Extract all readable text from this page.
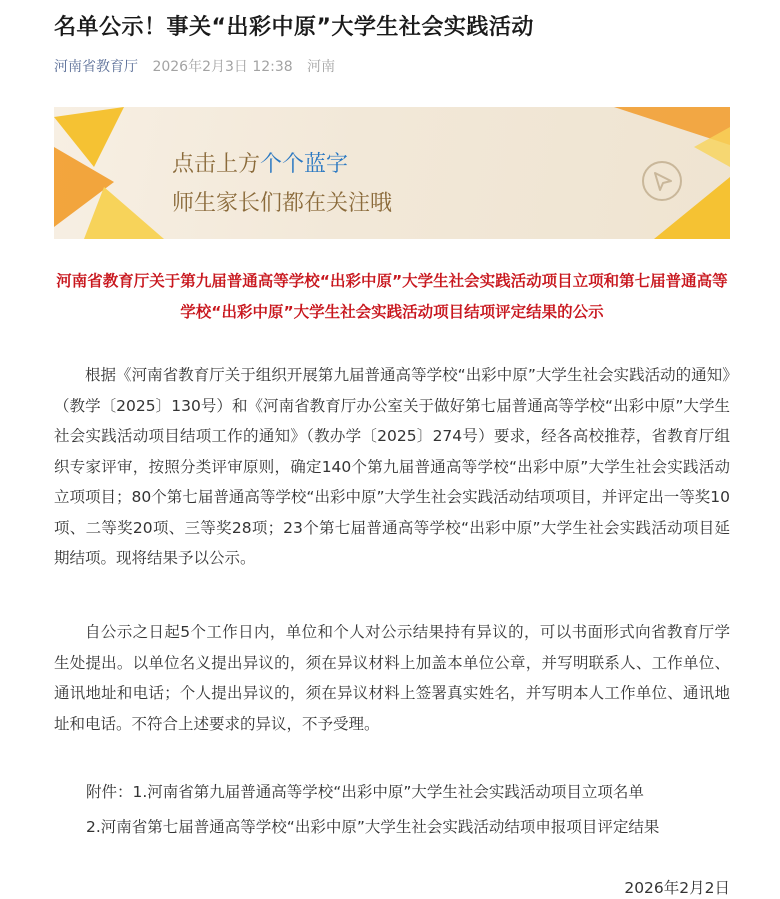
名单公示！事关“出彩中原”大学生社会实践活动
河南省教育厅 2026年2月3日 12:38 河南
点击上方个个蓝字
师生家长们都在关注哦
河南省教育厅关于第九届普通高等学校“出彩中原”大学生社会实践活动项目立项和第七届普通高等学校“出彩中原”大学生社会实践活动项目结项评定结果的公示

根据《河南省教育厅关于组织开展第九届普通高等学校“出彩中原”大学生社会实践活动的通知》（教学〔2025〕130号）和《河南省教育厅办公室关于做好第七届普通高等学校“出彩中原”大学生社会实践活动项目结项工作的通知》（教办学〔2025〕274号）要求，经各高校推荐，省教育厅组织专家评审，按照分类评审原则，确定140个第九届普通高等学校“出彩中原”大学生社会实践活动立项项目；80个第七届普通高等学校“出彩中原”大学生社会实践活动结项项目，并评定出一等奖10项、二等奖20项、三等奖28项；23个第七届普通高等学校“出彩中原”大学生社会实践活动项目延期结项。现将结果予以公示。

自公示之日起5个工作日内，单位和个人对公示结果持有异议的，可以书面形式向省教育厅学生处提出。以单位名义提出异议的，须在异议材料上加盖本单位公章，并写明联系人、工作单位、通讯地址和电话；个人提出异议的，须在异议材料上签署真实姓名，并写明本人工作单位、通讯地址和电话。不符合上述要求的异议，不予受理。

附件：1.河南省第九届普通高等学校“出彩中原”大学生社会实践活动项目立项名单
2.河南省第七届普通高等学校“出彩中原”大学生社会实践活动结项申报项目评定结果
2026年2月2日
